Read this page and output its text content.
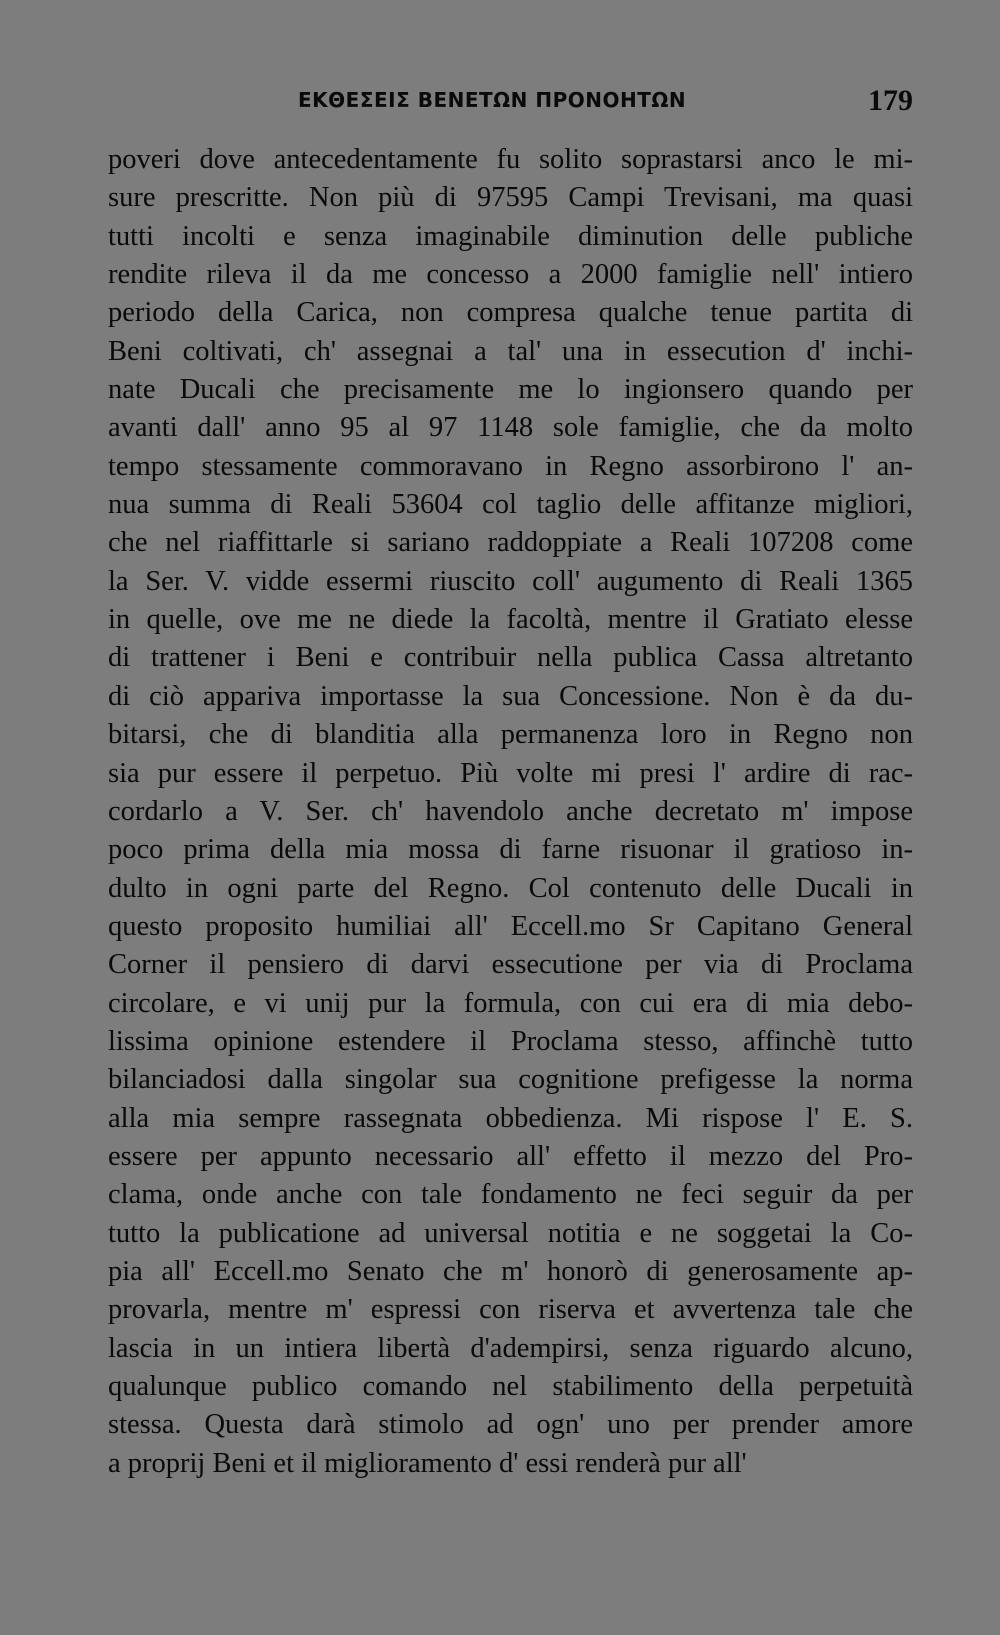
ΕΚΘΕΣΕΙΣ ΒΕΝΕΤΩΝ ΠΡΟΝΟΗΤΩΝ	179
poveri dove antecedentamente fu solito soprastarsi anco le mi-
sure prescritte. Non più di 97595 Campi Trevisani, ma quasi
tutti incolti e senza imaginabile diminution delle publiche
rendite rileva il da me concesso a 2000 famiglie nell' intiero
periodo della Carica, non compresa qualche tenue partita di
Beni coltivati, ch' assegnai a tal' una in essecution d' inchi-
nate Ducali che precisamente me lo ingionsero quando per
avanti dall' anno 95 al 97 1148 sole famiglie, che da molto
tempo stessamente commoravano in Regno assorbirono l' an-
nua summa di Reali 53604 col taglio delle affitanze migliori,
che nel riaffittarle si sariano raddoppiate a Reali 107208 come
la Ser. V. vidde essermi riuscito coll' augumento di Reali 1365
in quelle, ove me ne diede la facoltà, mentre il Gratiato elesse
di trattener i Beni e contribuir nella publica Cassa altretanto
di ciò appariva importasse la sua Concessione. Non è da du-
bitarsi, che di blanditia alla permanenza loro in Regno non
sia pur essere il perpetuo. Più volte mi presi l' ardire di rac-
cordarlo a V. Ser. ch' havendolo anche decretato m' impose
poco prima della mia mossa di farne risuonar il gratioso in-
dulto in ogni parte del Regno. Col contenuto delle Ducali in
questo proposito humiliai all' Eccell.mo Sr Capitano General
Corner il pensiero di darvi essecutione per via di Proclama
circolare, e vi unij pur la formula, con cui era di mia debo-
lissima opinione estendere il Proclama stesso, affinchè tutto
bilanciadosi dalla singolar sua cognitione prefigesse la norma
alla mia sempre rassegnata obbedienza. Mi rispose l' E. S.
essere per appunto necessario all' effetto il mezzo del Pro-
clama, onde anche con tale fondamento ne feci seguir da per
tutto la publicatione ad universal notitia e ne soggetai la Co-
pia all' Eccell.mo Senato che m' honorò di generosamente ap-
provarla, mentre m' espressi con riserva et avvertenza tale che
lascia in un intiera libertà d'adempirsi, senza riguardo alcuno,
qualunque publico comando nel stabilimento della perpetuità
stessa. Questa darà stimolo ad ogn' uno per prender amore
a proprij Beni et il miglioramento d' essi renderà pur all'
